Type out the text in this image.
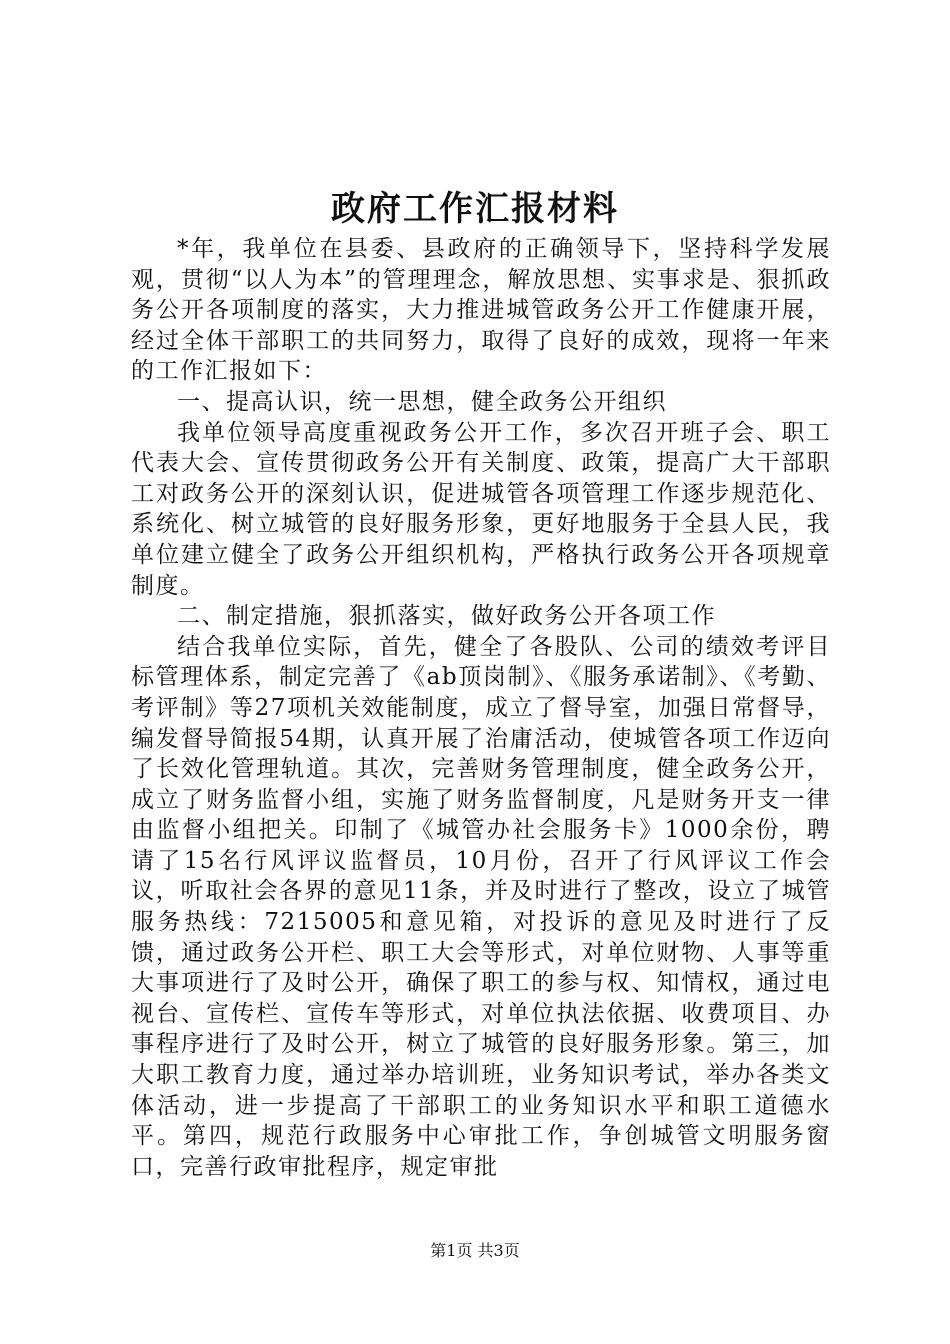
政府工作汇报材料

*年，我单位在县委、县政府的正确领导下，坚持科学发展观，贯彻“以人为本”的管理理念，解放思想、实事求是、狠抓政务公开各项制度的落实，大力推进城管政务公开工作健康开展，经过全体干部职工的共同努力，取得了良好的成效，现将一年来的工作汇报如下：

一、提高认识，统一思想，健全政务公开组织

我单位领导高度重视政务公开工作，多次召开班子会、职工代表大会、宣传贯彻政务公开有关制度、政策，提高广大干部职工对政务公开的深刻认识，促进城管各项管理工作逐步规范化、系统化、树立城管的良好服务形象，更好地服务于全县人民，我单位建立健全了政务公开组织机构，严格执行政务公开各项规章制度。

二、制定措施，狠抓落实，做好政务公开各项工作

结合我单位实际，首先，健全了各股队、公司的绩效考评目标管理体系，制定完善了《ab顶岗制》、《服务承诺制》、《考勤、考评制》等27项机关效能制度，成立了督导室，加强日常督导，编发督导简报54期，认真开展了治庸活动，使城管各项工作迈向了长效化管理轨道。其次，完善财务管理制度，健全政务公开，成立了财务监督小组，实施了财务监督制度，凡是财务开支一律由监督小组把关。印制了《城管办社会服务卡》1000余份，聘请了15名行风评议监督员，10月份，召开了行风评议工作会议，听取社会各界的意见11条，并及时进行了整改，设立了城管服务热线：7215005和意见箱，对投诉的意见及时进行了反馈，通过政务公开栏、职工大会等形式，对单位财物、人事等重大事项进行了及时公开，确保了职工的参与权、知情权，通过电视台、宣传栏、宣传车等形式，对单位执法依据、收费项目、办事程序进行了及时公开，树立了城管的良好服务形象。第三，加大职工教育力度，通过举办培训班，业务知识考试，举办各类文体活动，进一步提高了干部职工的业务知识水平和职工道德水平。第四，规范行政服务中心审批工作，争创城管文明服务窗口，完善行政审批程序，规定审批

第1页 共3页
